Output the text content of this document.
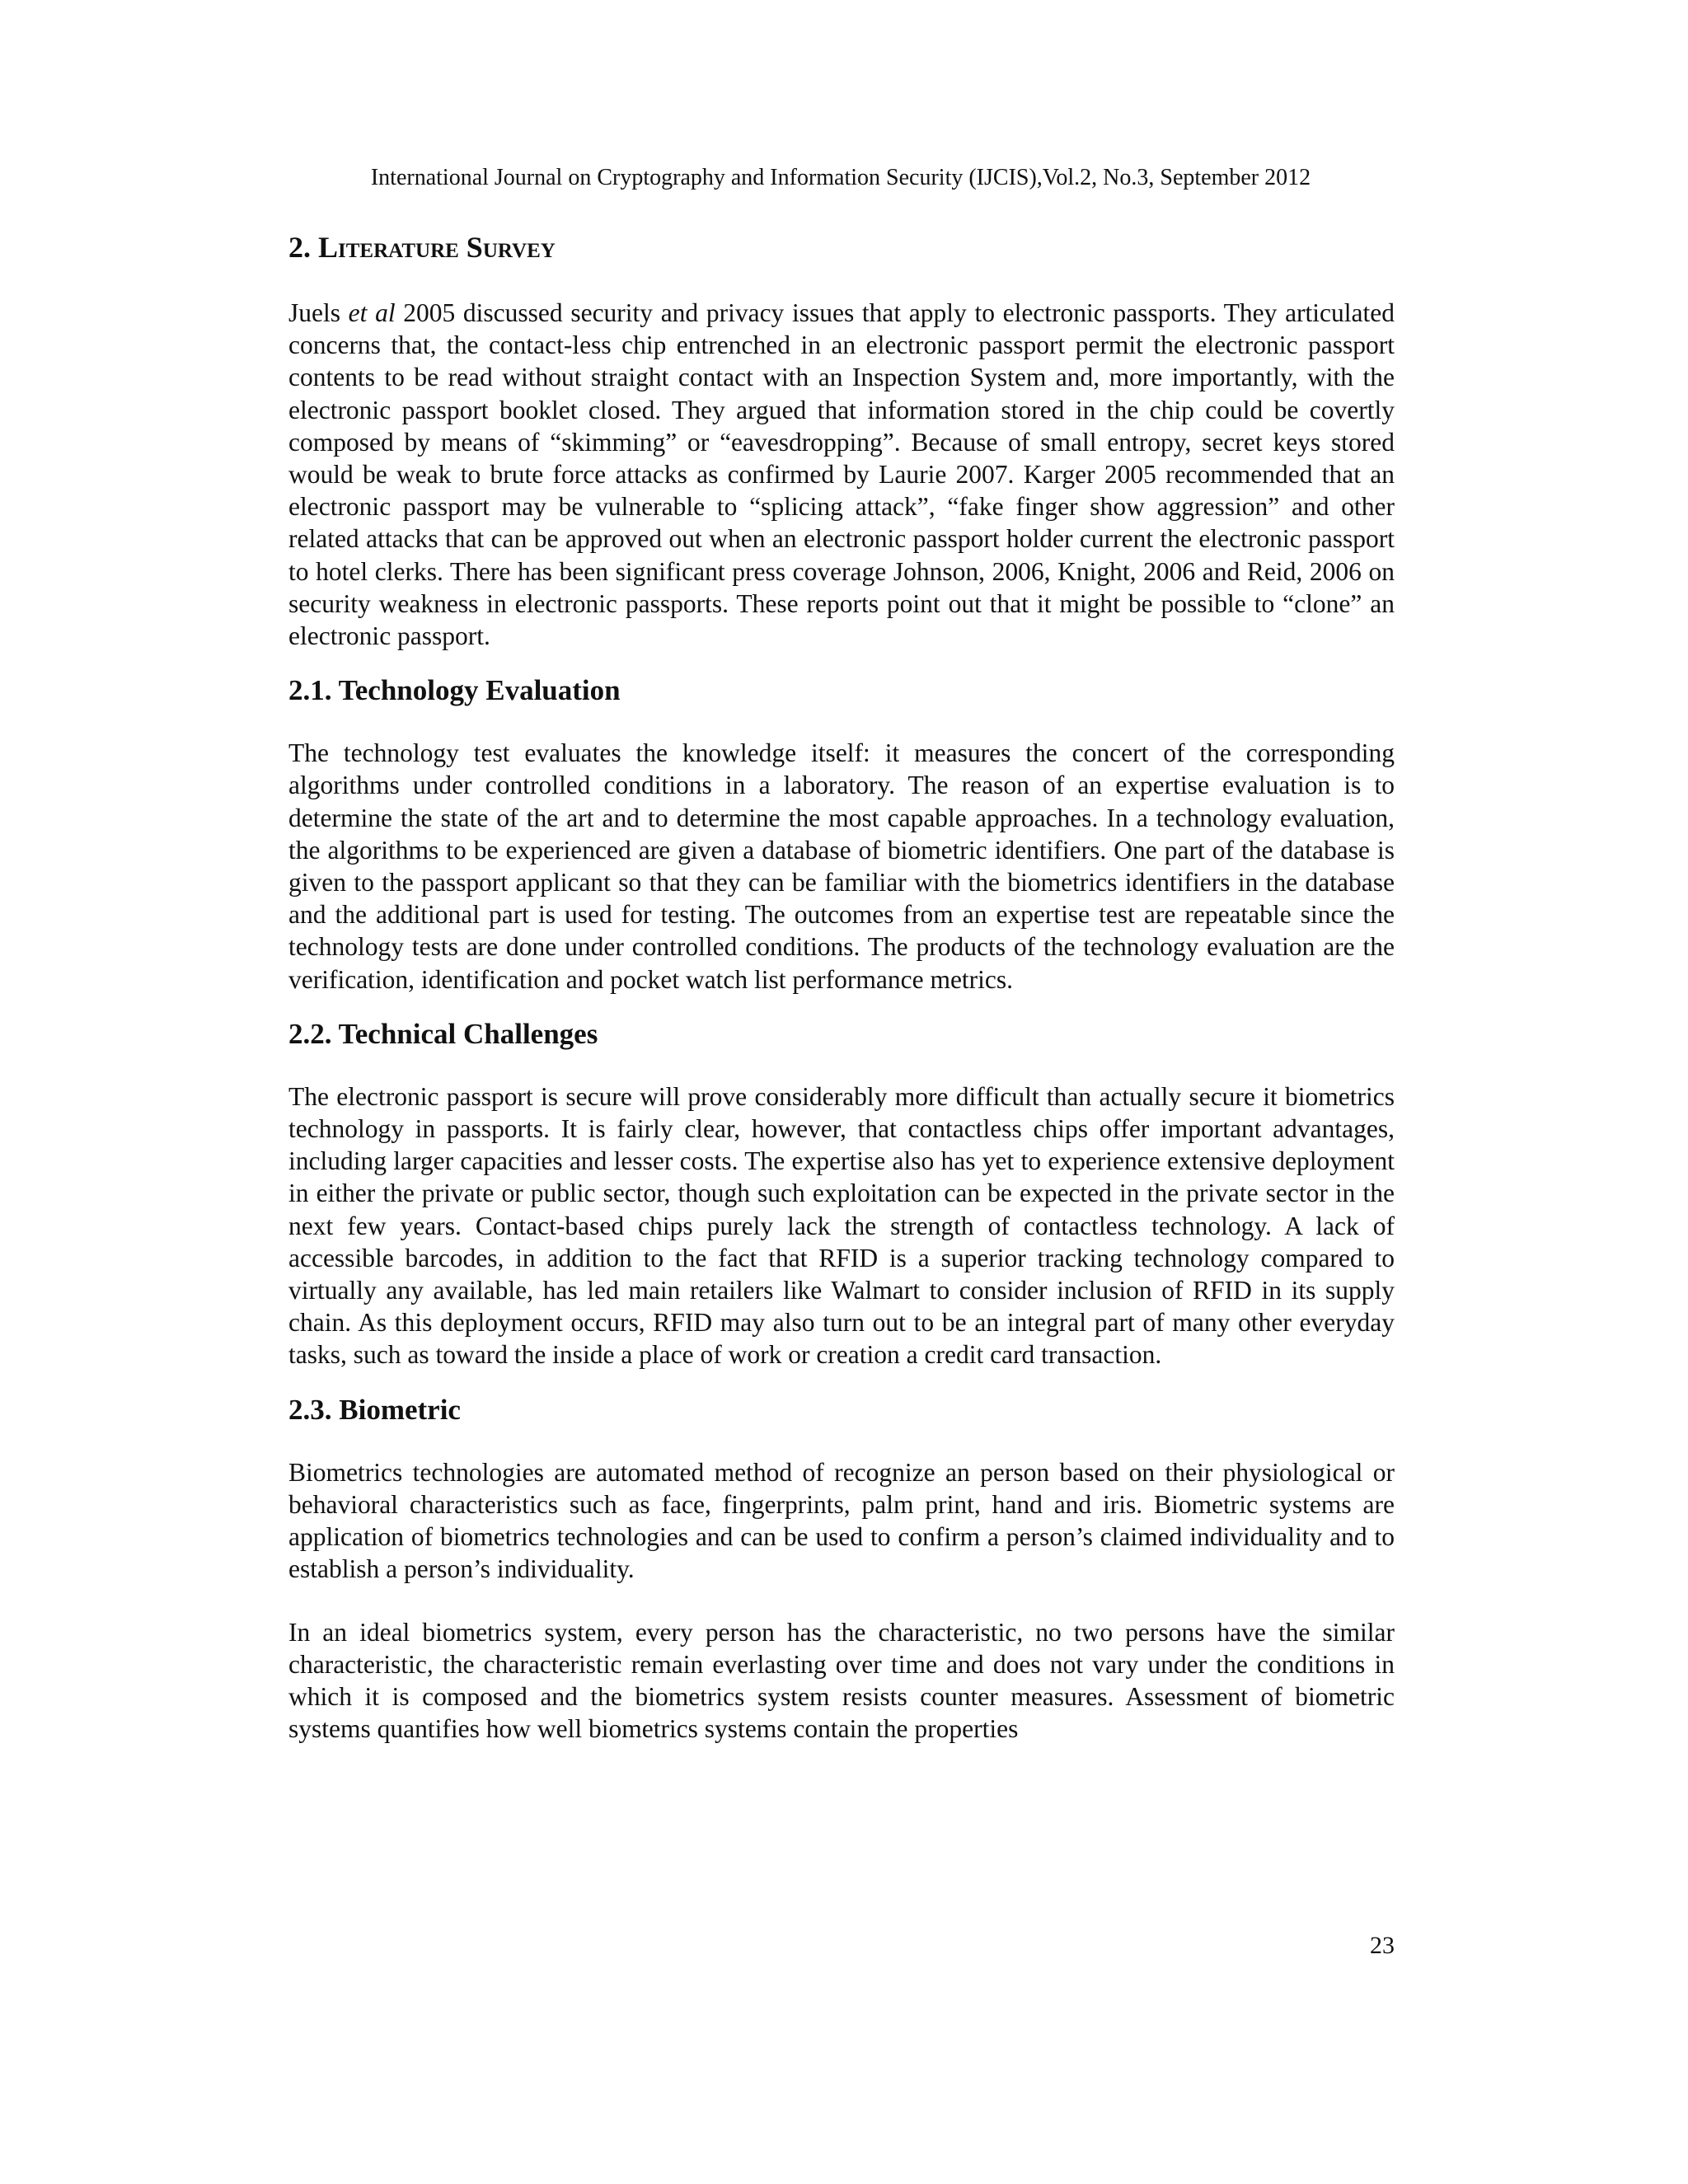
International Journal on Cryptography and Information Security (IJCIS),Vol.2, No.3, September 2012
2. Literature Survey

Juels et al 2005 discussed security and privacy issues that apply to electronic passports. They articulated concerns that, the contact-less chip entrenched in an electronic passport permit the electronic passport contents to be read without straight contact with an Inspection System and, more importantly, with the electronic passport booklet closed. They argued that information stored in the chip could be covertly composed by means of “skimming” or “eavesdropping”. Because of small entropy, secret keys stored would be weak to brute force attacks as confirmed by Laurie 2007. Karger 2005 recommended that an electronic passport may be vulnerable to “splicing attack”, “fake finger show aggression” and other related attacks that can be approved out when an electronic passport holder current the electronic passport to hotel clerks. There has been significant press coverage Johnson, 2006, Knight, 2006 and Reid, 2006 on security weakness in electronic passports. These reports point out that it might be possible to “clone” an electronic passport.

2.1. Technology Evaluation

The technology test evaluates the knowledge itself: it measures the concert of the corresponding algorithms under controlled conditions in a laboratory. The reason of an expertise evaluation is to determine the state of the art and to determine the most capable approaches. In a technology evaluation, the algorithms to be experienced are given a database of biometric identifiers. One part of the database is given to the passport applicant so that they can be familiar with the biometrics identifiers in the database and the additional part is used for testing. The outcomes from an expertise test are repeatable since the technology tests are done under controlled conditions. The products of the technology evaluation are the verification, identification and pocket watch list performance metrics.

2.2. Technical Challenges

The electronic passport is secure will prove considerably more difficult than actually secure it biometrics technology in passports. It is fairly clear, however, that contactless chips offer important advantages, including larger capacities and lesser costs. The expertise also has yet to experience extensive deployment in either the private or public sector, though such exploitation can be expected in the private sector in the next few years. Contact-based chips purely lack the strength of contactless technology. A lack of accessible barcodes, in addition to the fact that RFID is a superior tracking technology compared to virtually any available, has led main retailers like Walmart to consider inclusion of RFID in its supply chain. As this deployment occurs, RFID may also turn out to be an integral part of many other everyday tasks, such as toward the inside a place of work or creation a credit card transaction.

2.3. Biometric

Biometrics technologies are automated method of recognize an person based on their physiological or behavioral characteristics such as face, fingerprints, palm print, hand and iris. Biometric systems are application of biometrics technologies and can be used to confirm a person’s claimed individuality and to establish a person’s individuality.

In an ideal biometrics system, every person has the characteristic, no two persons have the similar characteristic, the characteristic remain everlasting over time and does not vary under the conditions in which it is composed and the biometrics system resists counter measures. Assessment of biometric systems quantifies how well biometrics systems contain the properties

23
